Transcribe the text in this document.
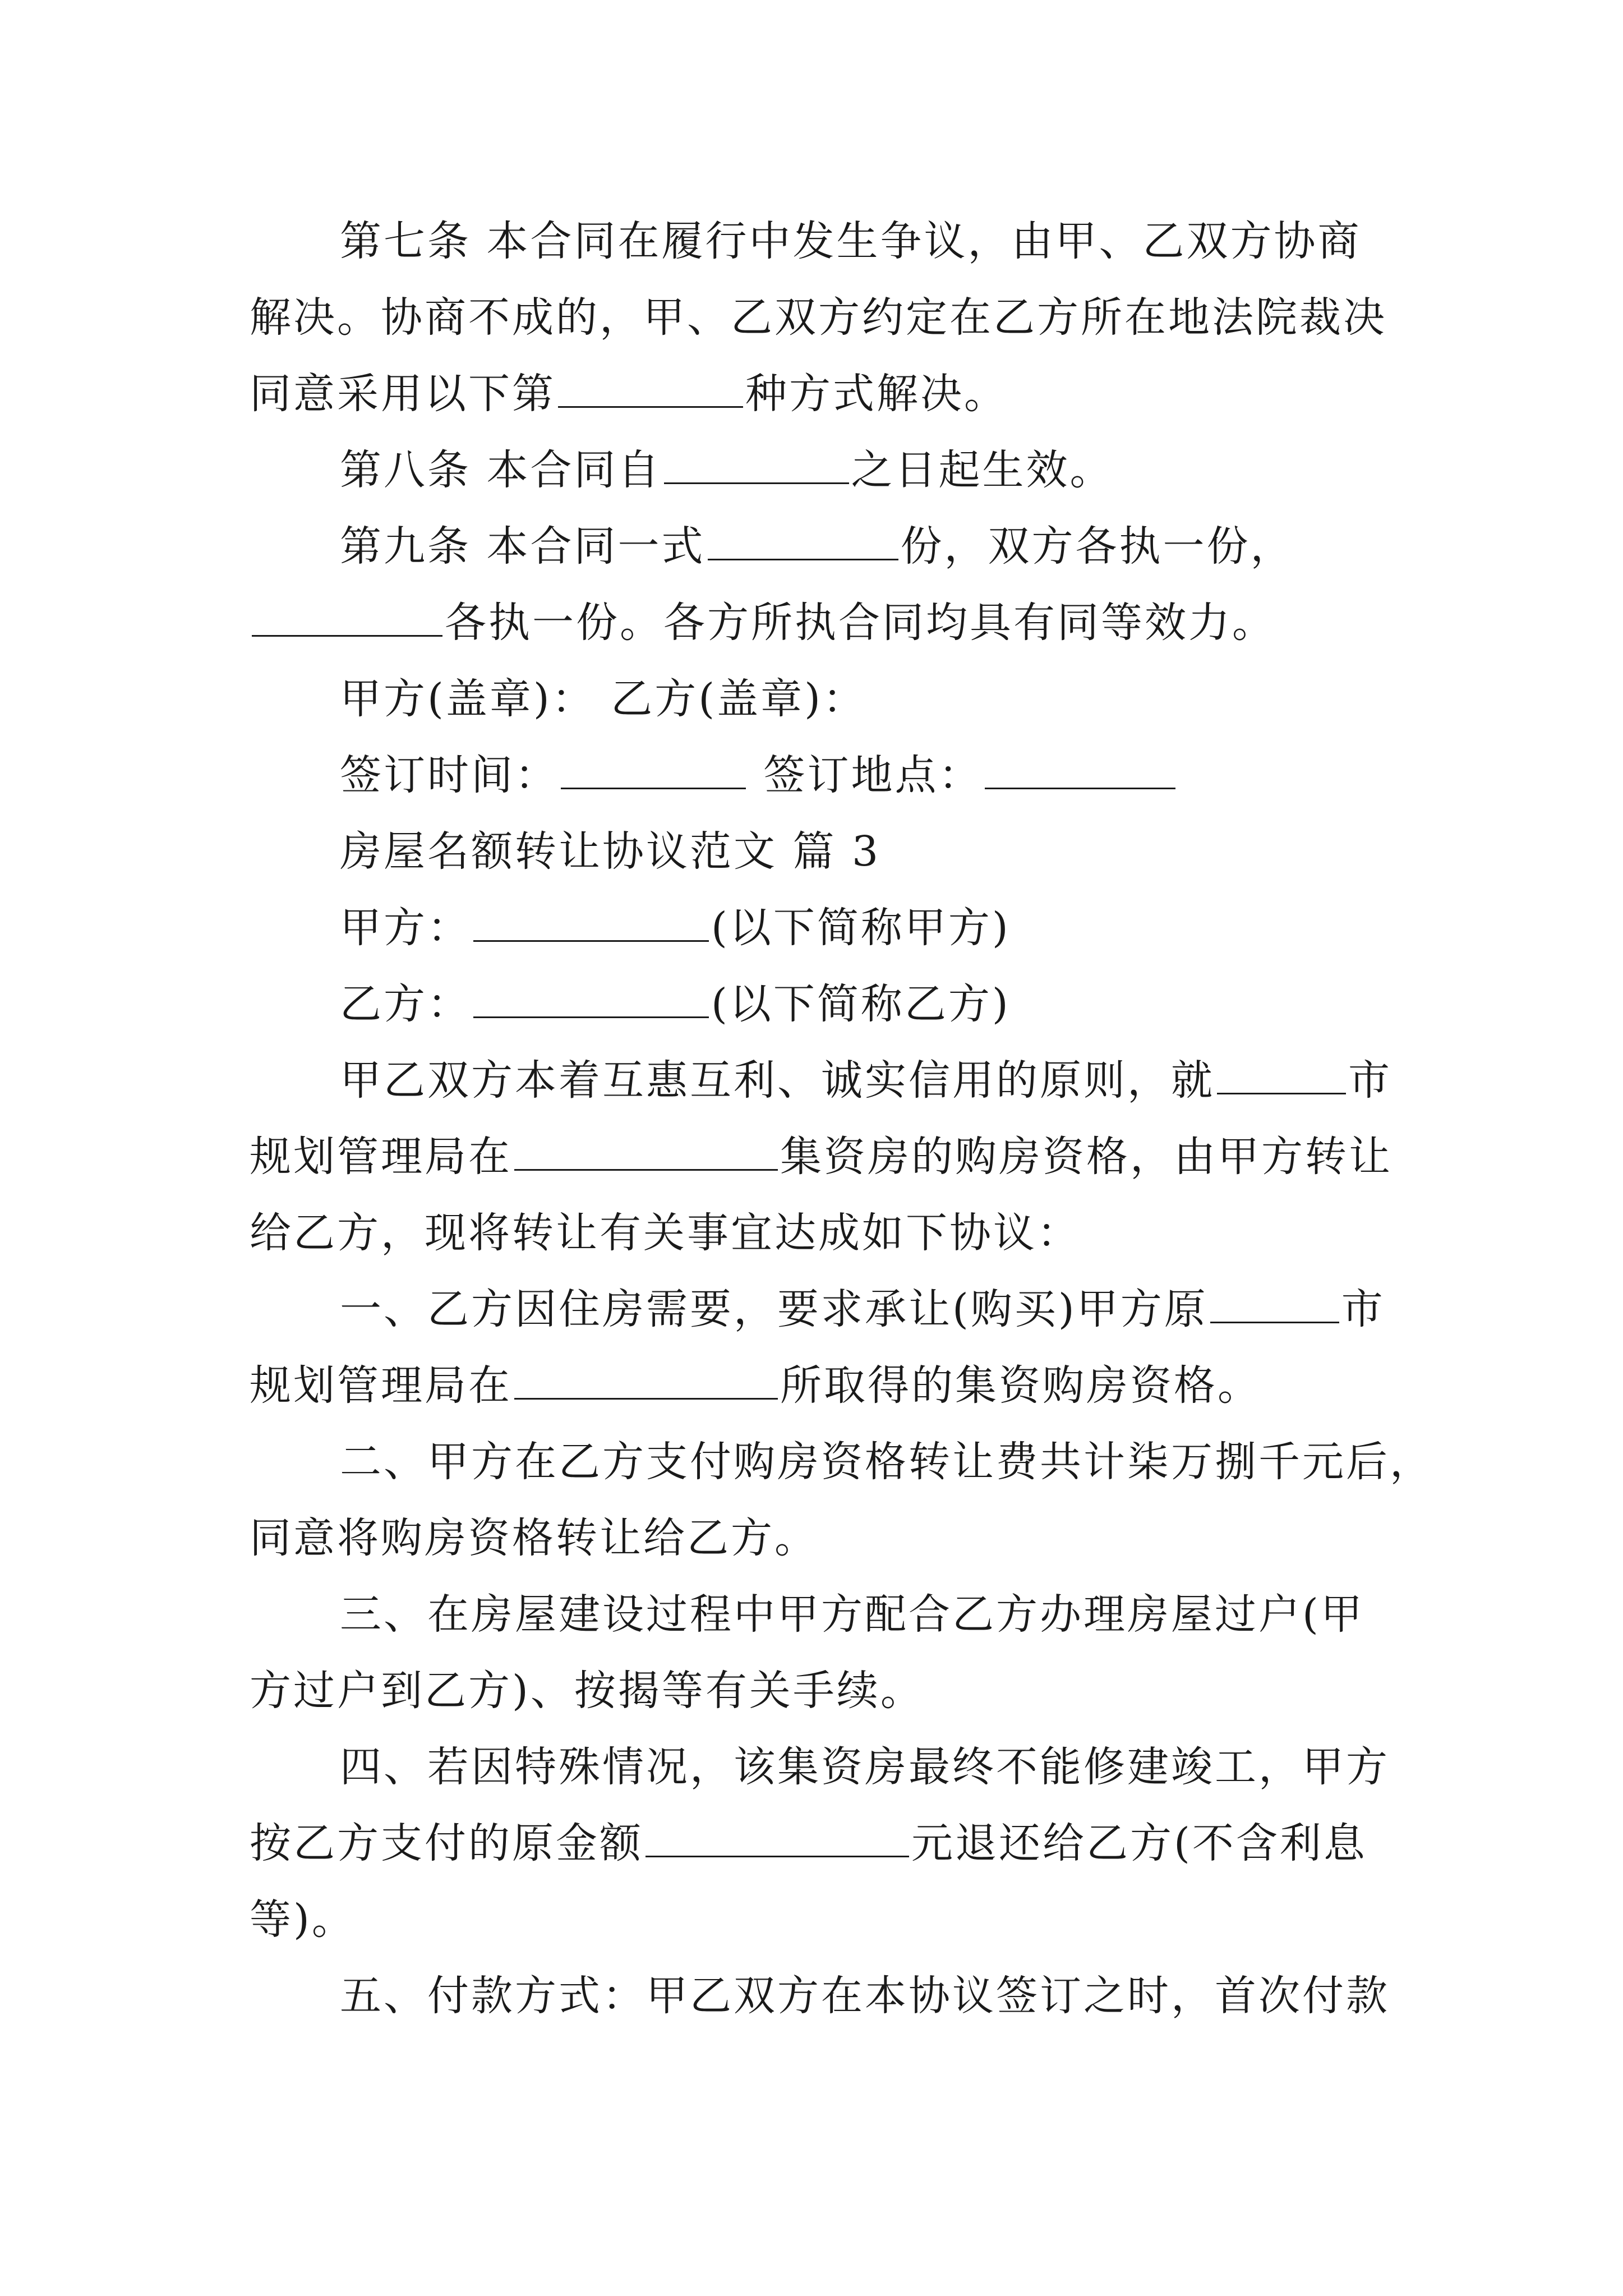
第七条 本合同在履行中发生争议，由甲、乙双方协商
解决。协商不成的，甲、乙双方约定在乙方所在地法院裁决
同意采用以下第	种方式解决。
第八条 本合同自	之日起生效。
第九条 本合同一式	份，双方各执一份，
各执一份。各方所执合同均具有同等效力。
甲方(盖章)： 乙方(盖章)：
签订时间：	签订地点：
房屋名额转让协议范文 篇 3
甲方：	(以下简称甲方)
乙方：	(以下简称乙方)
甲乙双方本着互惠互利、诚实信用的原则，就	市
规划管理局在	集资房的购房资格，由甲方转让
给乙方，现将转让有关事宜达成如下协议：
一、乙方因住房需要，要求承让(购买)甲方原	市
规划管理局在	所取得的集资购房资格。
二、甲方在乙方支付购房资格转让费共计柒万捌千元后，
同意将购房资格转让给乙方。
三、在房屋建设过程中甲方配合乙方办理房屋过户(甲
方过户到乙方)、按揭等有关手续。
四、若因特殊情况，该集资房最终不能修建竣工，甲方
按乙方支付的原金额	元退还给乙方(不含利息
等)。
五、付款方式：甲乙双方在本协议签订之时，首次付款
